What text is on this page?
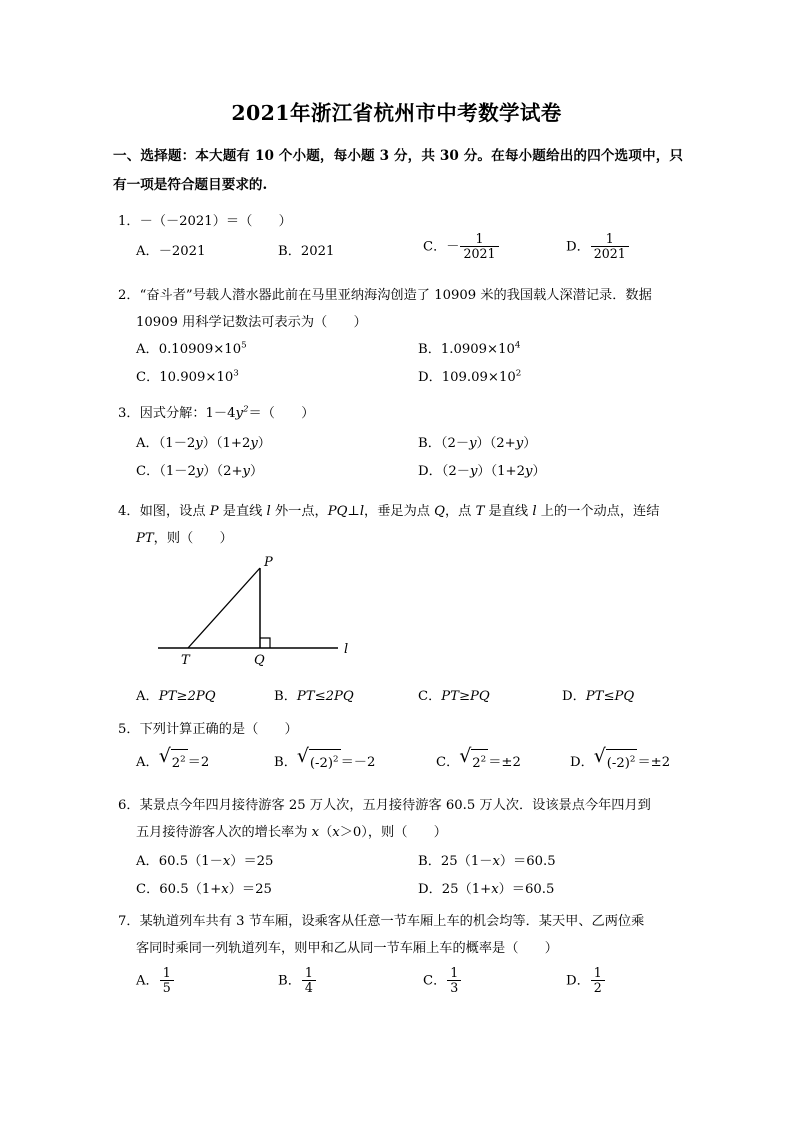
2021年浙江省杭州市中考数学试卷
一、选择题：本大题有 10 个小题，每小题 3 分，共 30 分。在每小题给出的四个选项中，只有一项是符合题目要求的.
1．－（－2021）＝（　　）
A．－2021	B．2021	C．－ $\frac{1}{2021}$	D． $\frac{1}{2021}$
2．“奋斗者”号载人潜水器此前在马里亚纳海沟创造了 10909 米的我国载人深潜记录．数据
10909 用科学记数法可表示为（　　）
A．$0.10909\times 10^5$	B．$1.0909\times 10^4$
C．$10.909\times 10^3$	D．$109.09\times 10^2$
3．因式分解：$1-4y^2=$（　　）
A．（1－2y）（1+2y）	B．（2－y）（2+y）
C．（1－2y）（2+y）	D．（2－y）（1+2y）
4．如图，设点 P 是直线 l 外一点，PQ⊥l，垂足为点 Q，点 T 是直线 l 上的一个动点，连结
PT，则（　　）
A．PT≥2PQ	B．PT≤2PQ	C．PT≥PQ	D．PT≤PQ
P
T	Q
l
5．下列计算正确的是（　　）
A． √ $2^2 =2$	B． √ $(-2)^2 =-2$	C． √ $2^2 =\pm 2$	D． √ $(-2)^2 =\pm 2$
6．某景点今年四月接待游客 25 万人次，五月接待游客 60.5 万人次．设该景点今年四月到
五月接待游客人次的增长率为 x（x＞0），则（　　）
A．60.5（1－x）＝25	B．25（1－x）＝60.5
C．60.5（1+x）＝25	D．25（1+x）＝60.5
7．某轨道列车共有 3 节车厢，设乘客从任意一节车厢上车的机会均等．某天甲、乙两位乘
客同时乘同一列轨道列车，则甲和乙从同一节车厢上车的概率是（　　）
A． $\frac{1}{5}$	B． $\frac{1}{4}$	C． $\frac{1}{3}$	D． $\frac{1}{2}$
